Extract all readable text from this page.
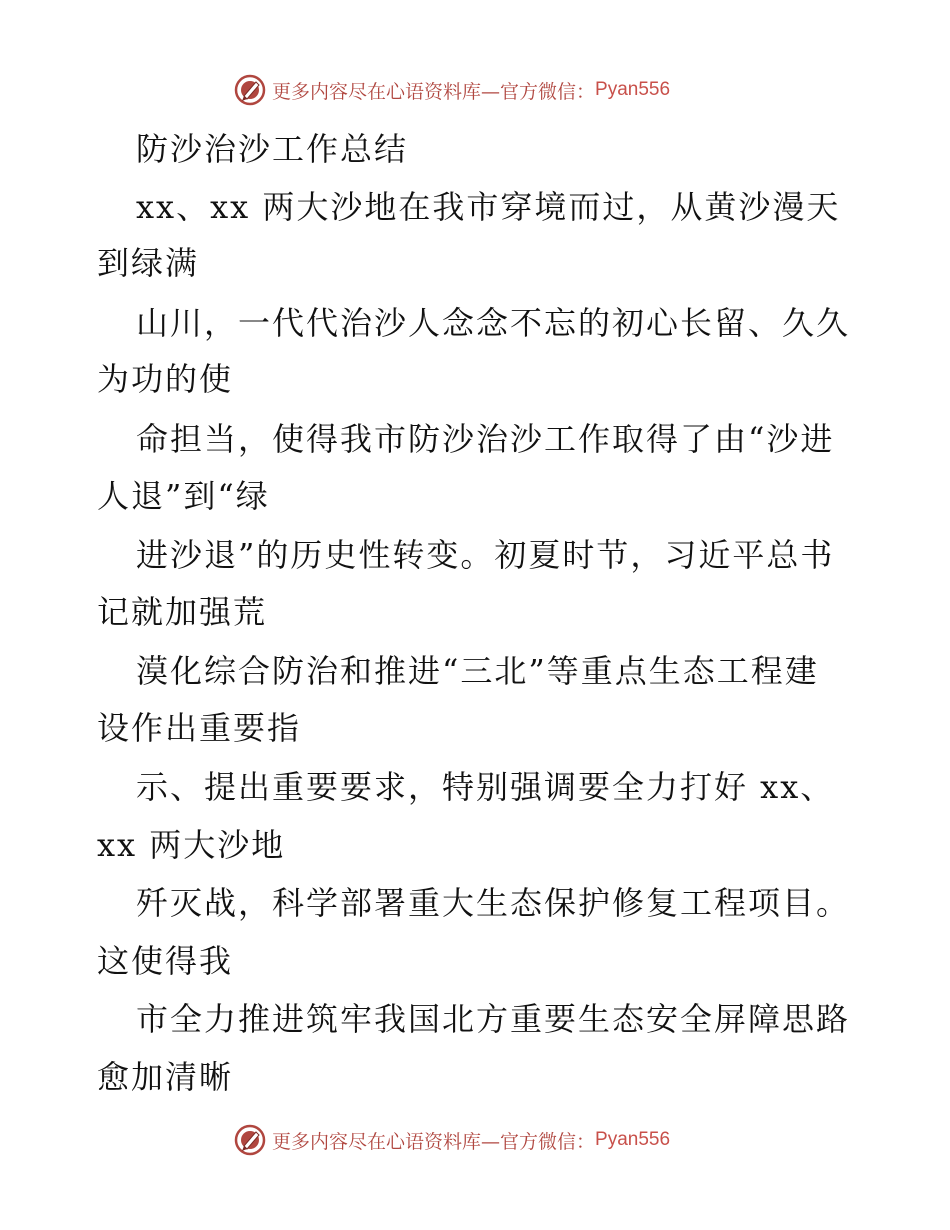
更多内容尽在心语资料库—官方微信： Pyan556
防沙治沙工作总结
xx、xx 两大沙地在我市穿境而过，从黄沙漫天
到绿满
山川，一代代治沙人念念不忘的初心长留、久久
为功的使
命担当，使得我市防沙治沙工作取得了由“沙进
人退”到“绿
进沙退”的历史性转变。初夏时节，习近平总书
记就加强荒
漠化综合防治和推进“三北”等重点生态工程建
设作出重要指
示、提出重要要求，特别强调要全力打好 xx、
xx 两大沙地
歼灭战，科学部署重大生态保护修复工程项目。
这使得我
市全力推进筑牢我国北方重要生态安全屏障思路
愈加清晰
更多内容尽在心语资料库—官方微信： Pyan556
